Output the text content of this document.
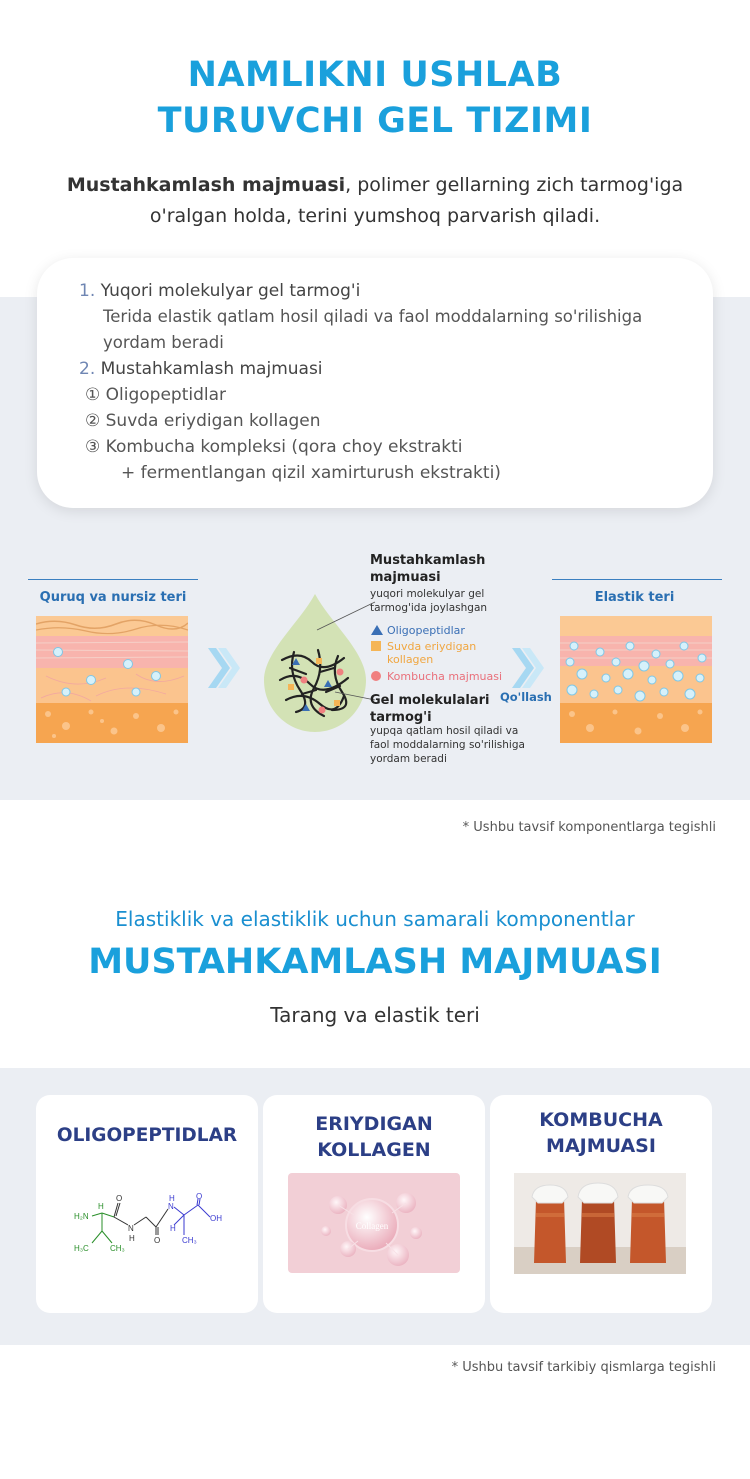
NAMLIKNI USHLAB
TURUVCHI GEL TIZIMI
Mustahkamlash majmuasi, polimer gellarning zich tarmog'iga
o'ralgan holda, terini yumshoq parvarish qiladi.
1. Yuqori molekulyar gel tarmog'i
Terida elastik qatlam hosil qiladi va faol moddalarning so'rilishiga
yordam beradi
2. Mustahkamlash majmuasi
① Oligopeptidlar
② Suvda eriydigan kollagen
③ Kombucha kompleksi (qora choy ekstrakti
+ fermentlangan qizil xamirturush ekstrakti)
Quruq va nursiz teri
Mustahkamlash
majmuasi
yuqori molekulyar gel
tarmog'ida joylashgan
Oligopeptidlar
Suvda eriydigan
kollagen
Kombucha majmuasi
Gel molekulalari
tarmog'i
yupqa qatlam hosil qiladi va
faol moddalarning so'rilishiga
yordam beradi
Qo'llash
Elastik teri
* Ushbu tavsif komponentlarga tegishli
Elastiklik va elastiklik uchun samarali komponentlar
MUSTAHKAMLASH MAJMUASI
Tarang va elastik teri
OLIGOPEPTIDLAR
H₂N
H
H₃C	CH₃
O
N
H O
N
H
H
CH₃
O
OH
ERIYDIGAN
KOLLAGEN
Collagen
KOMBUCHA
MAJMUASI
* Ushbu tavsif tarkibiy qismlarga tegishli
